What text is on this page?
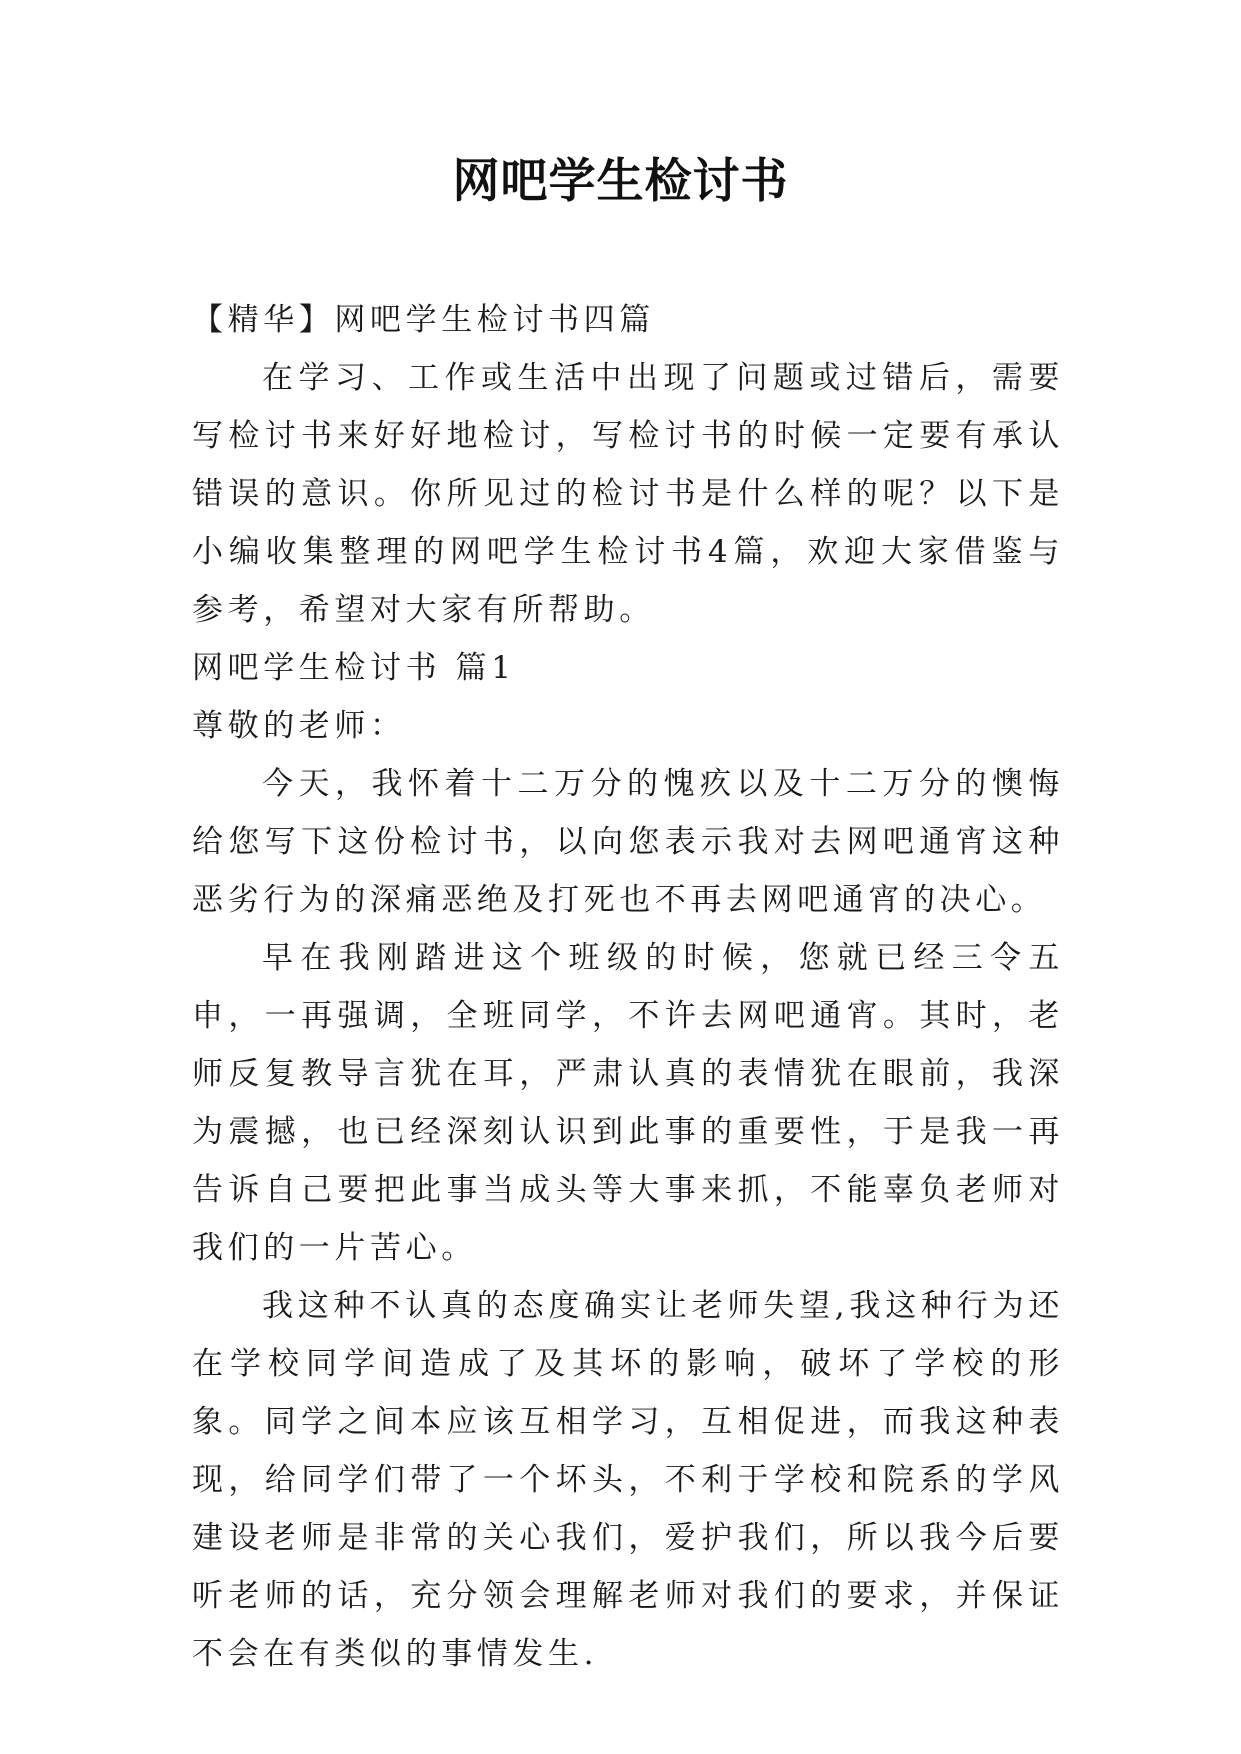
网吧学生检讨书

【精华】网吧学生检讨书四篇

在学习、工作或生活中出现了问题或过错后，需要写检讨书来好好地检讨，写检讨书的时候一定要有承认错误的意识。你所见过的检讨书是什么样的呢？以下是小编收集整理的网吧学生检讨书4篇，欢迎大家借鉴与参考，希望对大家有所帮助。

网吧学生检讨书 篇1

尊敬的老师：

今天，我怀着十二万分的愧疚以及十二万分的懊悔给您写下这份检讨书，以向您表示我对去网吧通宵这种恶劣行为的深痛恶绝及打死也不再去网吧通宵的决心。

早在我刚踏进这个班级的时候，您就已经三令五申，一再强调，全班同学，不许去网吧通宵。其时，老师反复教导言犹在耳，严肃认真的表情犹在眼前，我深为震撼，也已经深刻认识到此事的重要性，于是我一再告诉自己要把此事当成头等大事来抓，不能辜负老师对我们的一片苦心。

我这种不认真的态度确实让老师失望,我这种行为还在学校同学间造成了及其坏的影响，破坏了学校的形象。同学之间本应该互相学习，互相促进，而我这种表现，给同学们带了一个坏头，不利于学校和院系的学风建设老师是非常的关心我们，爱护我们，所以我今后要听老师的话，充分领会理解老师对我们的要求，并保证不会在有类似的事情发生.
